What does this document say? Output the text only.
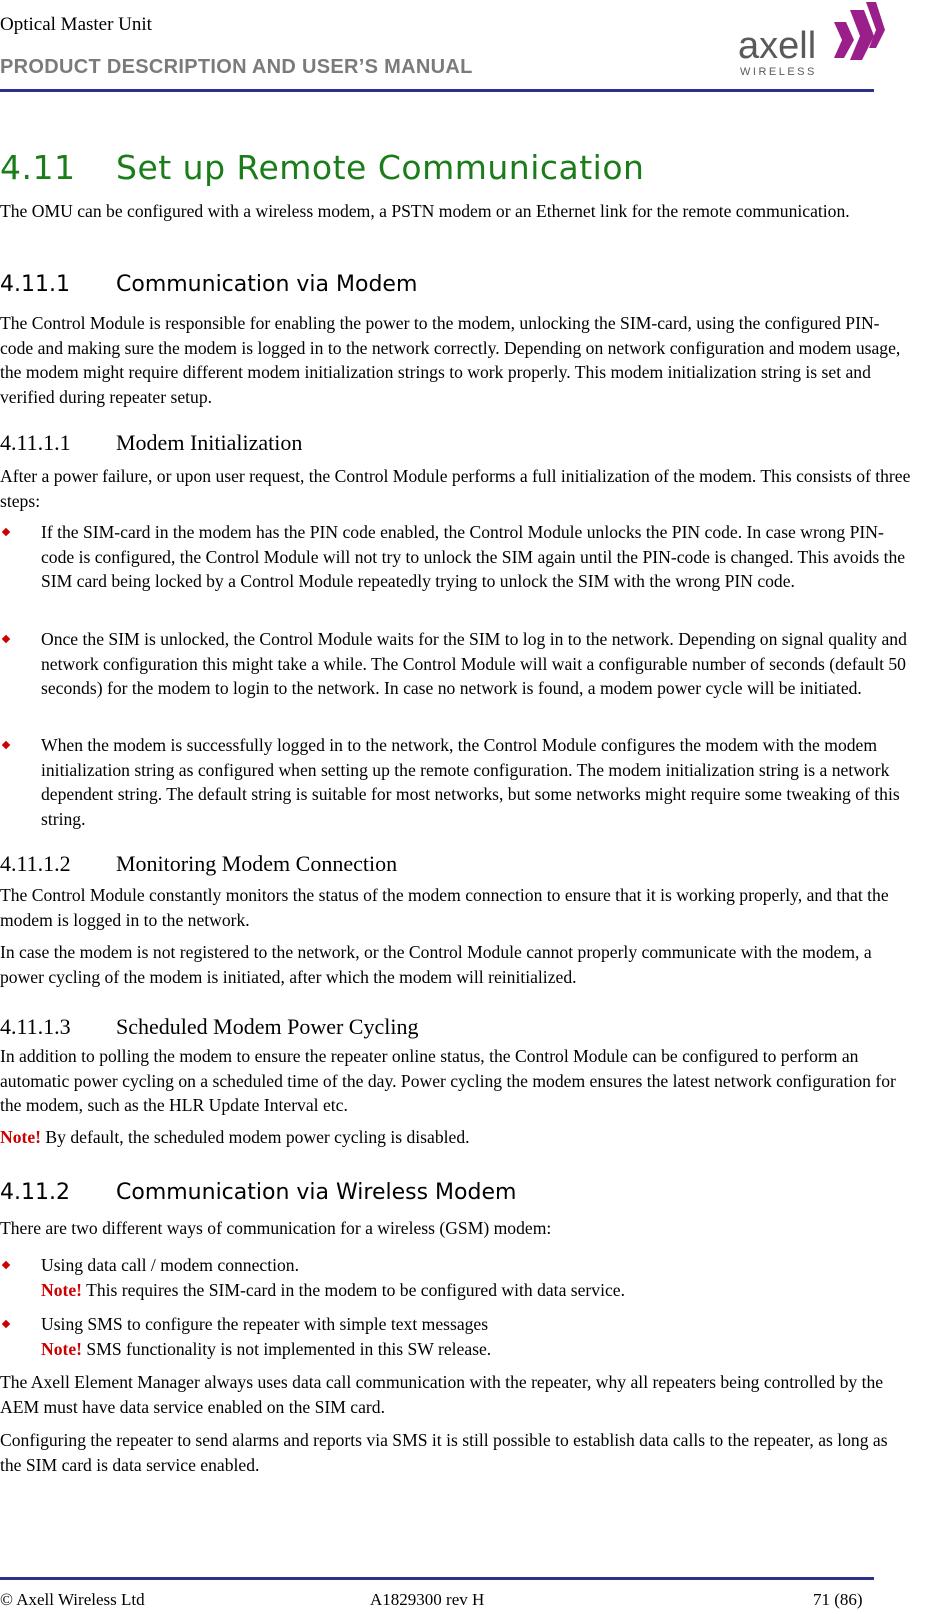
Optical Master Unit
PRODUCT DESCRIPTION AND USER’S MANUAL	axell
WIRELESS
4.11 Set up Remote Communication

The OMU can be configured with a wireless modem, a PSTN modem or an Ethernet link for the remote communication.

4.11.1 Communication via Modem

The Control Module is responsible for enabling the power to the modem, unlocking the SIM-card, using the configured PIN-code and making sure the modem is logged in to the network correctly. Depending on network configuration and modem usage, the modem might require different modem initialization strings to work properly. This modem initialization string is set and verified during repeater setup.

4.11.1.1 Modem Initialization

After a power failure, or upon user request, the Control Module performs a full initialization of the modem. This consists of three steps:

If the SIM-card in the modem has the PIN code enabled, the Control Module unlocks the PIN code. In case wrong PIN-code is configured, the Control Module will not try to unlock the SIM again until the PIN-code is changed. This avoids the SIM card being locked by a Control Module repeatedly trying to unlock the SIM with the wrong PIN code.
Once the SIM is unlocked, the Control Module waits for the SIM to log in to the network. Depending on signal quality and network configuration this might take a while. The Control Module will wait a configurable number of seconds (default 50 seconds) for the modem to login to the network. In case no network is found, a modem power cycle will be initiated.
When the modem is successfully logged in to the network, the Control Module configures the modem with the modem initialization string as configured when setting up the remote configuration. The modem initialization string is a network dependent string. The default string is suitable for most networks, but some networks might require some tweaking of this string.
4.11.1.2 Monitoring Modem Connection

The Control Module constantly monitors the status of the modem connection to ensure that it is working properly, and that the modem is logged in to the network.

In case the modem is not registered to the network, or the Control Module cannot properly communicate with the modem, a power cycling of the modem is initiated, after which the modem will reinitialized.

4.11.1.3 Scheduled Modem Power Cycling

In addition to polling the modem to ensure the repeater online status, the Control Module can be configured to perform an automatic power cycling on a scheduled time of the day. Power cycling the modem ensures the latest network configuration for the modem, such as the HLR Update Interval etc.

Note! By default, the scheduled modem power cycling is disabled.

4.11.2 Communication via Wireless Modem

There are two different ways of communication for a wireless (GSM) modem:

Using data call / modem connection.
Note! This requires the SIM-card in the modem to be configured with data service.
Using SMS to configure the repeater with simple text messages
Note! SMS functionality is not implemented in this SW release.

The Axell Element Manager always uses data call communication with the repeater, why all repeaters being controlled by the AEM must have data service enabled on the SIM card.

Configuring the repeater to send alarms and reports via SMS it is still possible to establish data calls to the repeater, as long as the SIM card is data service enabled.

© Axell Wireless Ltd	A1829300 rev H	71 (86)
